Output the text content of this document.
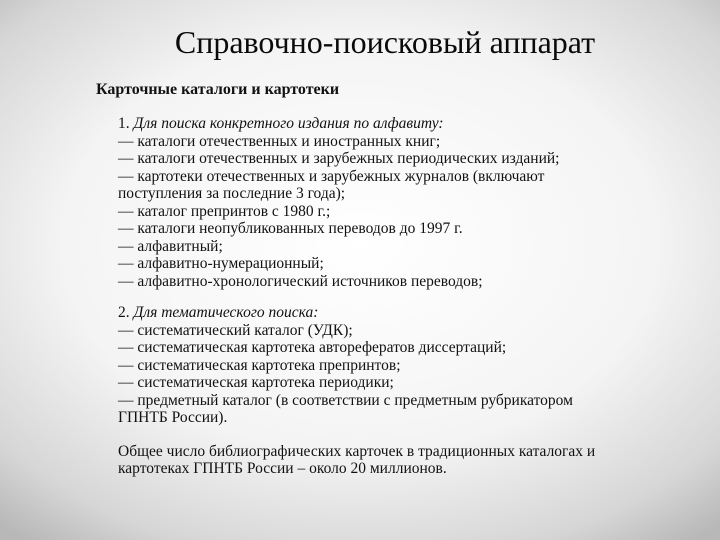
Справочно-поисковый аппарат
Карточные каталоги и картотеки
1. Для поиска конкретного издания по алфавиту:
— каталоги отечественных и иностранных книг;
— каталоги отечественных и зарубежных периодических изданий;
— картотеки отечественных и зарубежных журналов (включают
поступления за последние 3 года);
— каталог препринтов с 1980 г.;
— каталоги неопубликованных переводов до 1997 г.
— алфавитный;
— алфавитно-нумерационный;
— алфавитно-хронологический источников переводов;
2. Для тематического поиска:
— систематический каталог (УДК);
— систематическая картотека авторефератов диссертаций;
— систематическая картотека препринтов;
— систематическая картотека периодики;
— предметный каталог (в соответствии с предметным рубрикатором
ГПНТБ России).
Общее число библиографических карточек в традиционных каталогах и
картотеках ГПНТБ России – около 20 миллионов.
